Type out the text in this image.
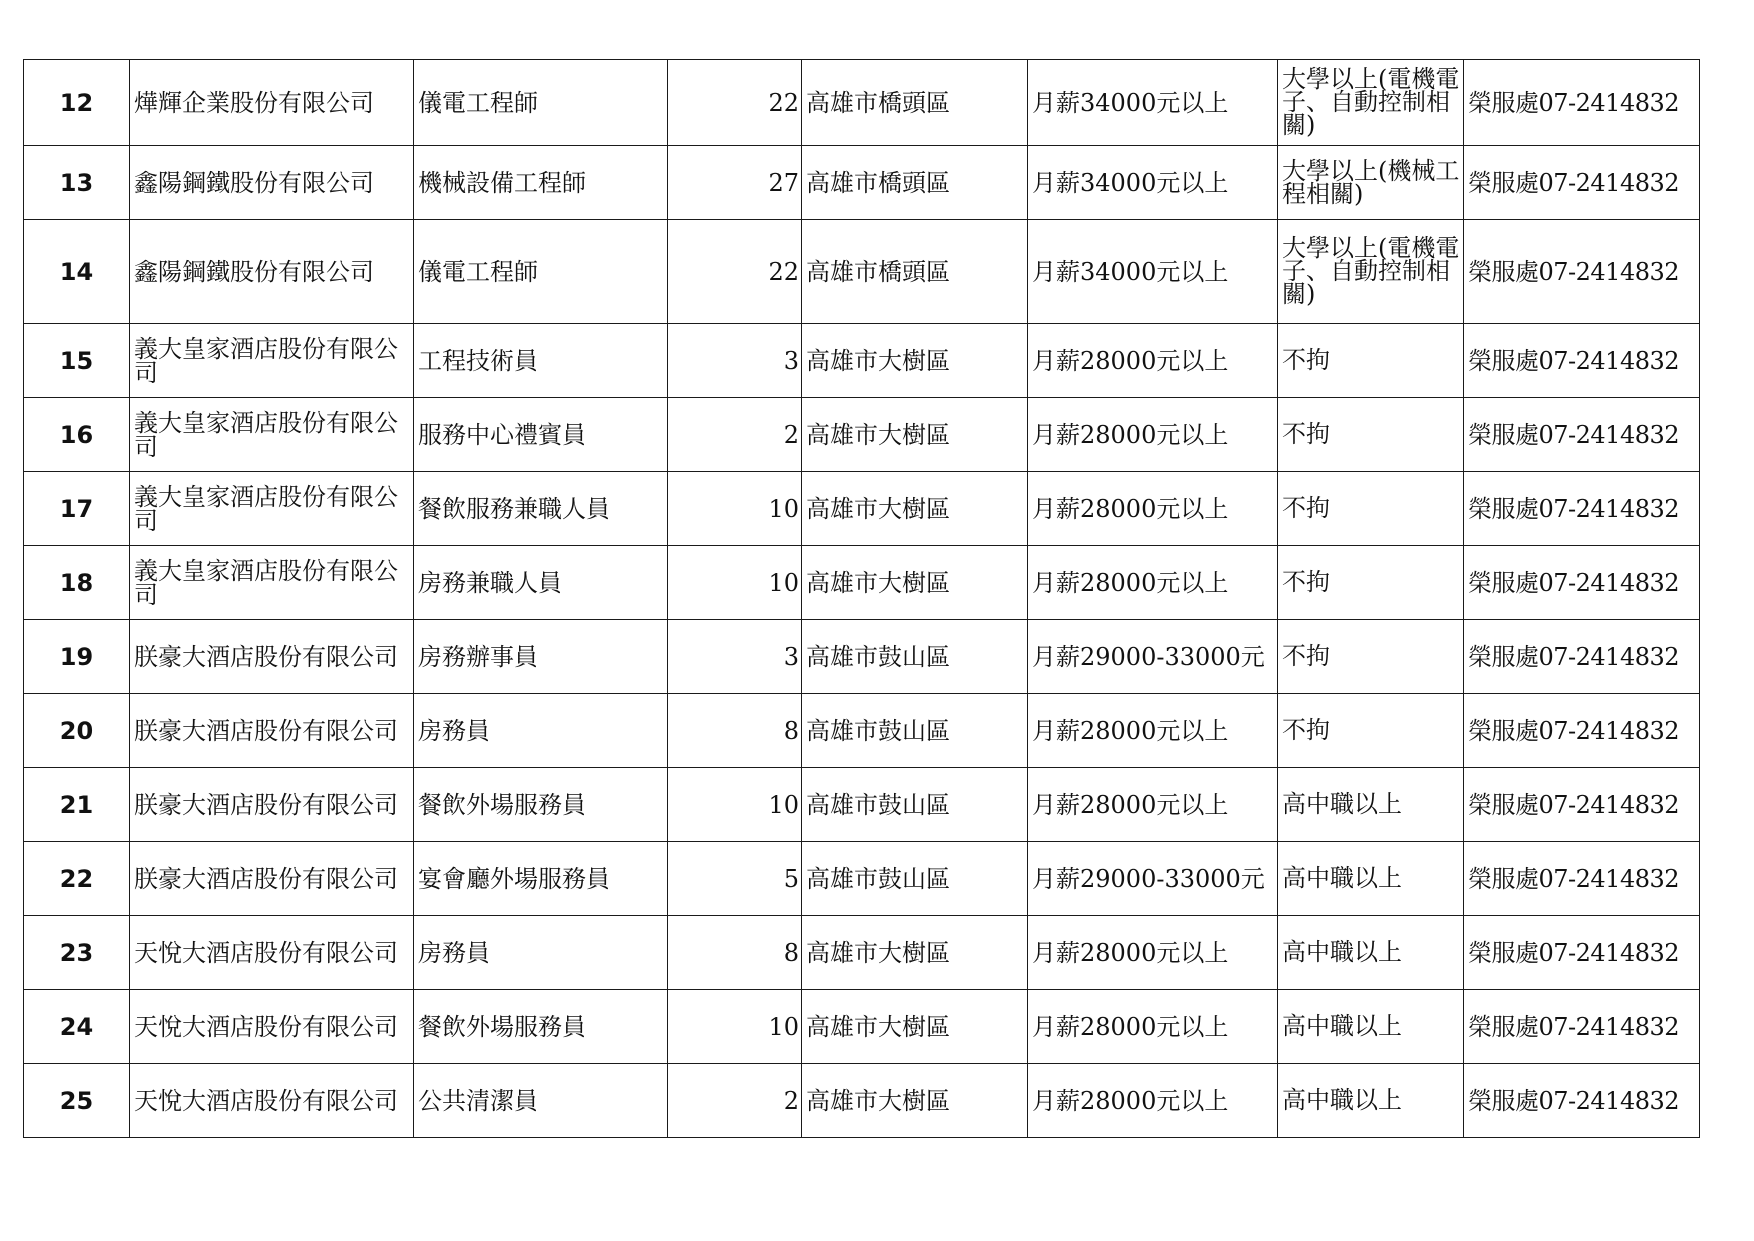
12	燁輝企業股份有限公司	儀電工程師	22	高雄市橋頭區	月薪34000元以上	大學以上(電機電子、自動控制相關)	榮服處07-2414832
13	鑫陽鋼鐵股份有限公司	機械設備工程師	27	高雄市橋頭區	月薪34000元以上	大學以上(機械工程相關)	榮服處07-2414832
14	鑫陽鋼鐵股份有限公司	儀電工程師	22	高雄市橋頭區	月薪34000元以上	大學以上(電機電子、自動控制相關)	榮服處07-2414832
15	義大皇家酒店股份有限公司	工程技術員	3	高雄市大樹區	月薪28000元以上	不拘	榮服處07-2414832
16	義大皇家酒店股份有限公司	服務中心禮賓員	2	高雄市大樹區	月薪28000元以上	不拘	榮服處07-2414832
17	義大皇家酒店股份有限公司	餐飲服務兼職人員	10	高雄市大樹區	月薪28000元以上	不拘	榮服處07-2414832
18	義大皇家酒店股份有限公司	房務兼職人員	10	高雄市大樹區	月薪28000元以上	不拘	榮服處07-2414832
19	朕豪大酒店股份有限公司	房務辦事員	3	高雄市鼓山區	月薪29000-33000元	不拘	榮服處07-2414832
20	朕豪大酒店股份有限公司	房務員	8	高雄市鼓山區	月薪28000元以上	不拘	榮服處07-2414832
21	朕豪大酒店股份有限公司	餐飲外場服務員	10	高雄市鼓山區	月薪28000元以上	高中職以上	榮服處07-2414832
22	朕豪大酒店股份有限公司	宴會廳外場服務員	5	高雄市鼓山區	月薪29000-33000元	高中職以上	榮服處07-2414832
23	天悅大酒店股份有限公司	房務員	8	高雄市大樹區	月薪28000元以上	高中職以上	榮服處07-2414832
24	天悅大酒店股份有限公司	餐飲外場服務員	10	高雄市大樹區	月薪28000元以上	高中職以上	榮服處07-2414832
25	天悅大酒店股份有限公司	公共清潔員	2	高雄市大樹區	月薪28000元以上	高中職以上	榮服處07-2414832
